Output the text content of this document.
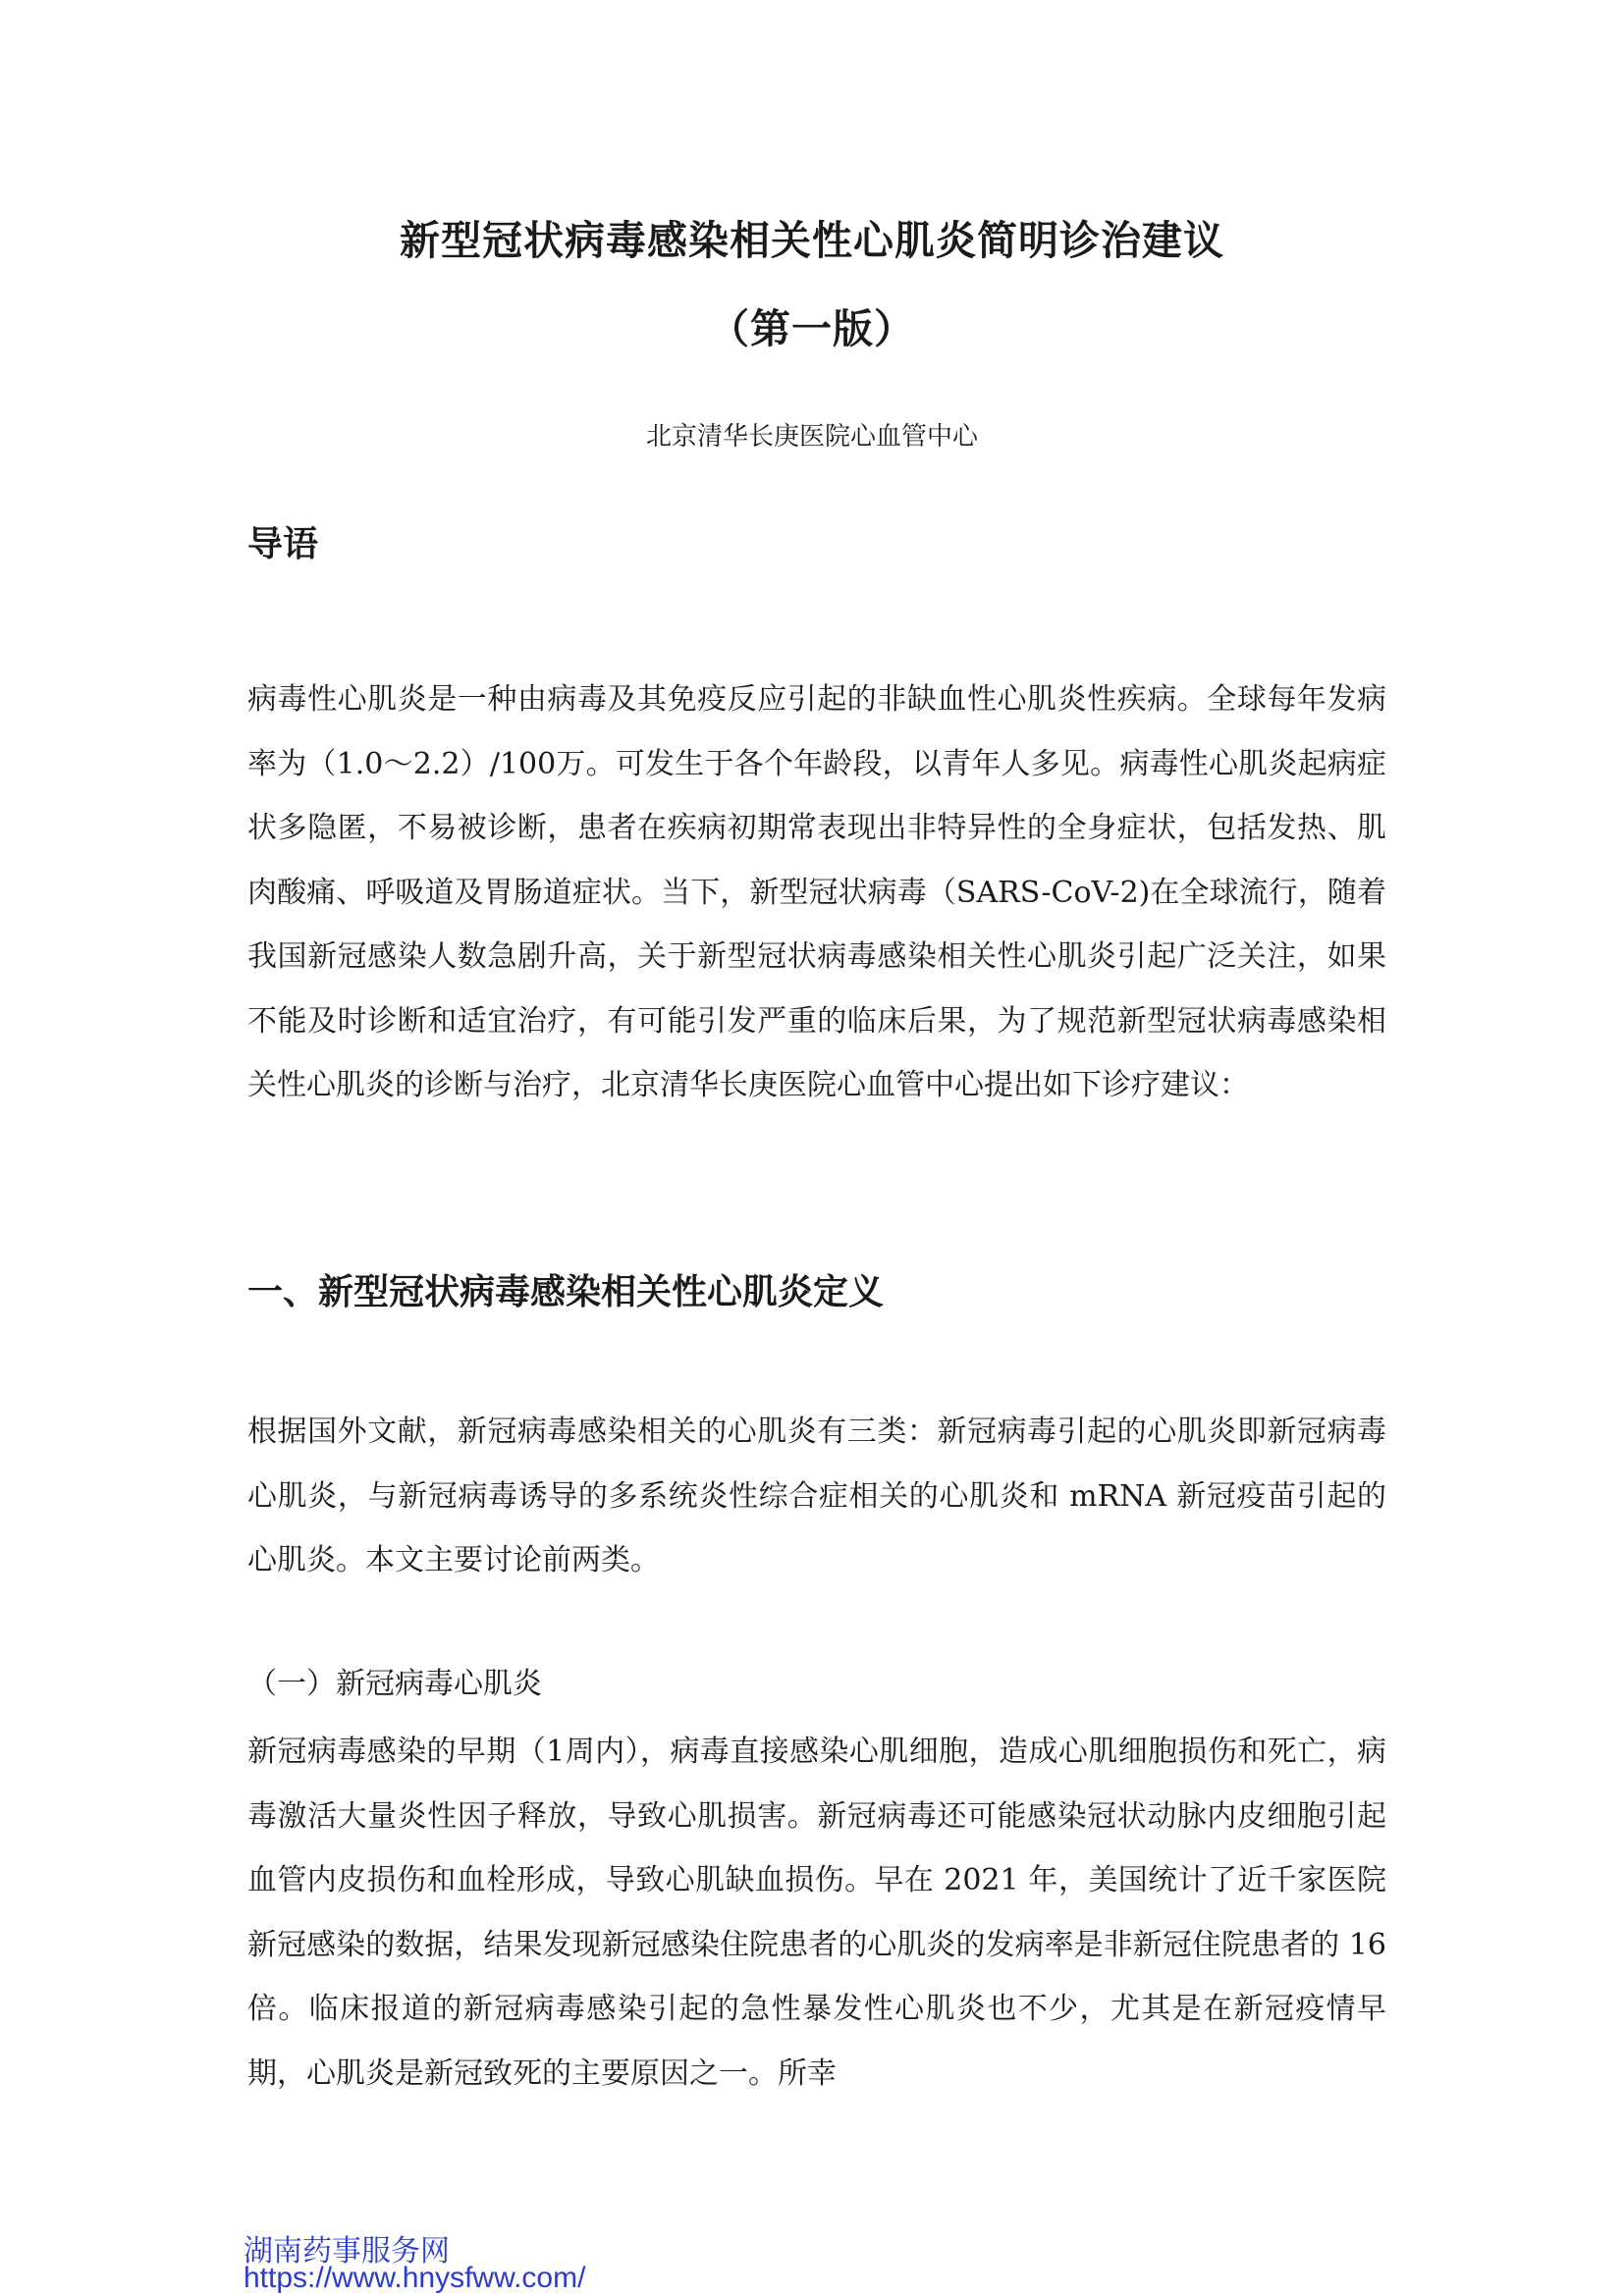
新型冠状病毒感染相关性心肌炎简明诊治建议
（第一版）
北京清华长庚医院心血管中心
导语

病毒性心肌炎是一种由病毒及其免疫反应引起的非缺血性心肌炎性疾病。全球每年发病率为（1.0～2.2）/100万。可发生于各个年龄段，以青年人多见。病毒性心肌炎起病症状多隐匿，不易被诊断，患者在疾病初期常表现出非特异性的全身症状，包括发热、肌肉酸痛、呼吸道及胃肠道症状。当下，新型冠状病毒（SARS-CoV-2)在全球流行，随着我国新冠感染人数急剧升高，关于新型冠状病毒感染相关性心肌炎引起广泛关注，如果不能及时诊断和适宜治疗，有可能引发严重的临床后果，为了规范新型冠状病毒感染相关性心肌炎的诊断与治疗，北京清华长庚医院心血管中心提出如下诊疗建议：

一、新型冠状病毒感染相关性心肌炎定义

根据国外文献，新冠病毒感染相关的心肌炎有三类：新冠病毒引起的心肌炎即新冠病毒心肌炎，与新冠病毒诱导的多系统炎性综合症相关的心肌炎和 mRNA 新冠疫苗引起的心肌炎。本文主要讨论前两类。

（一）新冠病毒心肌炎

新冠病毒感染的早期（1周内），病毒直接感染心肌细胞，造成心肌细胞损伤和死亡，病毒激活大量炎性因子释放，导致心肌损害。新冠病毒还可能感染冠状动脉内皮细胞引起血管内皮损伤和血栓形成，导致心肌缺血损伤。早在 2021 年，美国统计了近千家医院新冠感染的数据，结果发现新冠感染住院患者的心肌炎的发病率是非新冠住院患者的 16 倍。临床报道的新冠病毒感染引起的急性暴发性心肌炎也不少，尤其是在新冠疫情早期，心肌炎是新冠致死的主要原因之一。所幸

湖南药事服务网
https://www.hnysfww.com/
